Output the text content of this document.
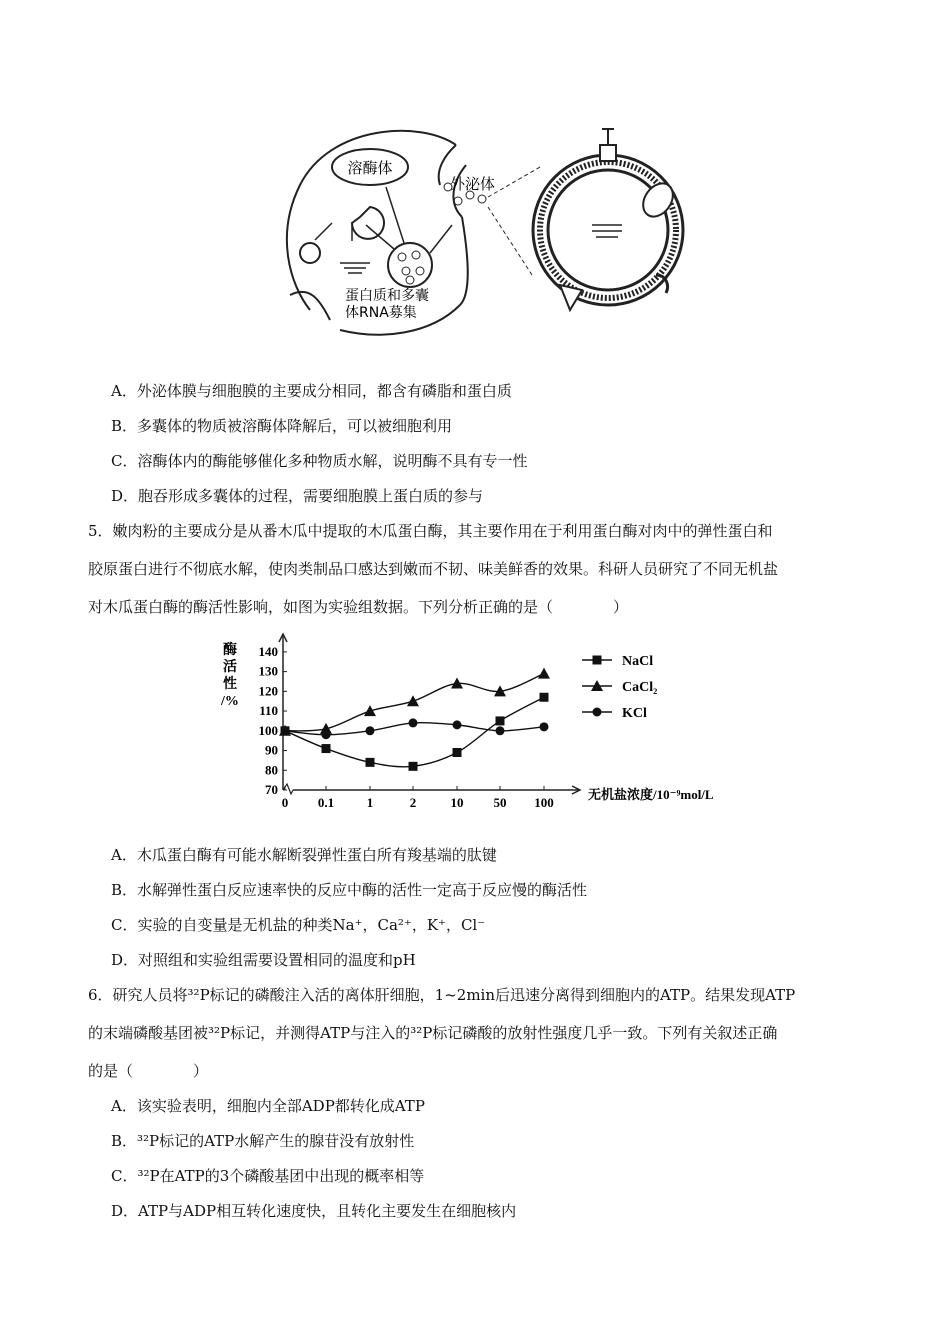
溶酶体
外泌体
蛋白质和多囊
体RNA募集
A．外泌体膜与细胞膜的主要成分相同，都含有磷脂和蛋白质
B．多囊体的物质被溶酶体降解后，可以被细胞利用
C．溶酶体内的酶能够催化多种物质水解，说明酶不具有专一性
D．胞吞形成多囊体的过程，需要细胞膜上蛋白质的参与
5．嫩肉粉的主要成分是从番木瓜中提取的木瓜蛋白酶，其主要作用在于利用蛋白酶对肉中的弹性蛋白和
胶原蛋白进行不彻底水解，使肉类制品口感达到嫩而不韧、味美鲜香的效果。科研人员研究了不同无机盐
对木瓜蛋白酶的酶活性影响，如图为实验组数据。下列分析正确的是（　　　　）
70
80
90
100
110
120
130
140
0 0.1	1	2	10 50 100
酶
活
性
/%
无机盐浓度/10⁻⁹mol/L
NaCl
CaCl₂
KCl
A．木瓜蛋白酶有可能水解断裂弹性蛋白所有羧基端的肽键
B．水解弹性蛋白反应速率快的反应中酶的活性一定高于反应慢的酶活性
C．实验的自变量是无机盐的种类Na⁺，Ca²⁺，K⁺，Cl⁻
D．对照组和实验组需要设置相同的温度和pH
6．研究人员将³²P标记的磷酸注入活的离体肝细胞，1~2min后迅速分离得到细胞内的ATP。结果发现ATP
的末端磷酸基团被³²P标记，并测得ATP与注入的³²P标记磷酸的放射性强度几乎一致。下列有关叙述正确
的是（　　　　）
A．该实验表明，细胞内全部ADP都转化成ATP
B．³²P标记的ATP水解产生的腺苷没有放射性
C．³²P在ATP的3个磷酸基团中出现的概率相等
D．ATP与ADP相互转化速度快，且转化主要发生在细胞核内
